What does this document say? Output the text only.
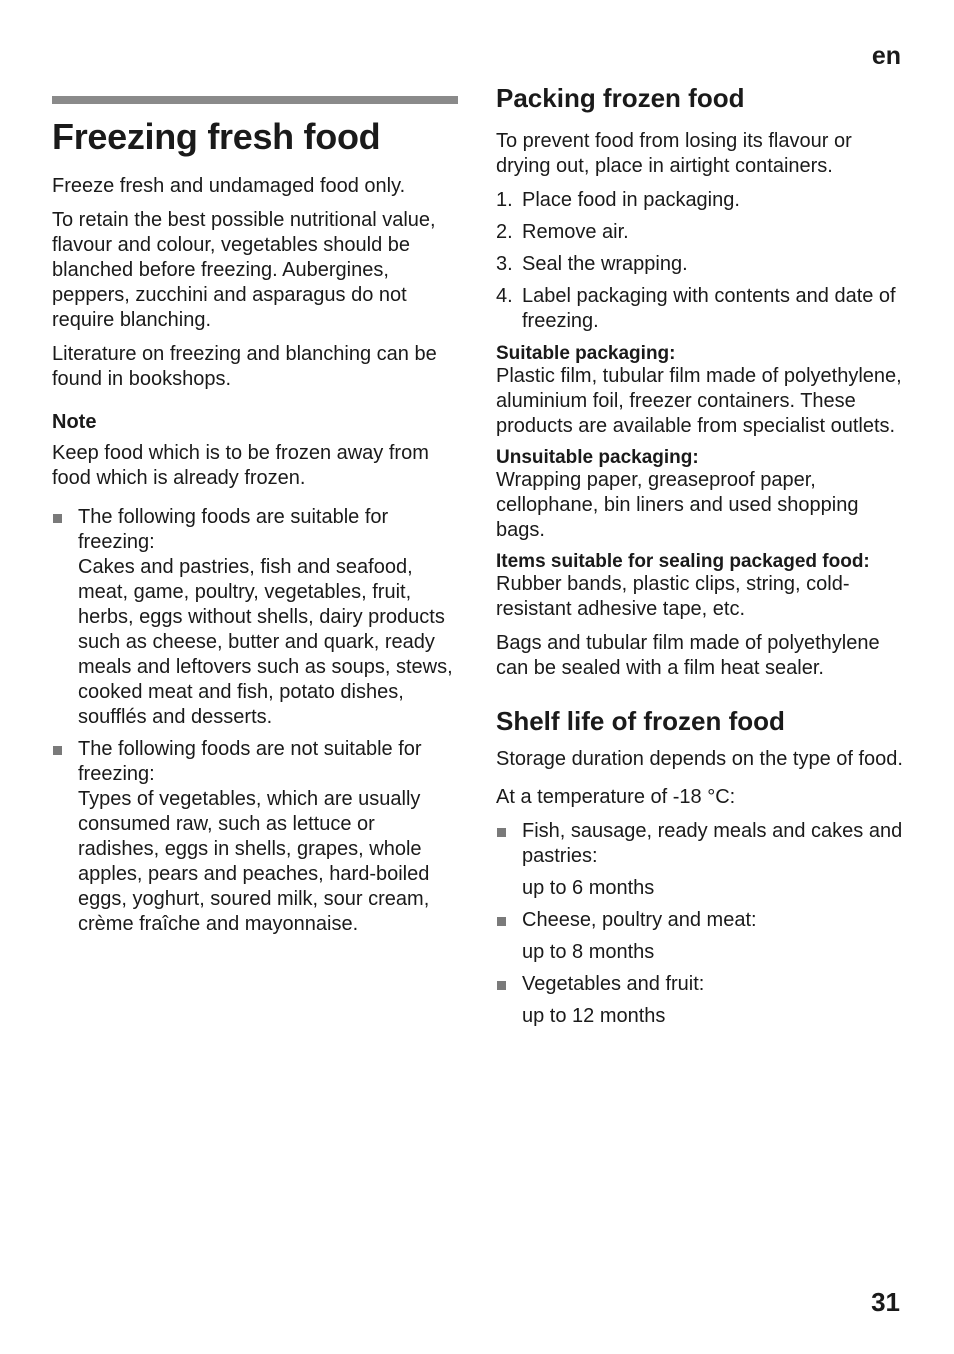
en
Freezing fresh food

Freeze fresh and undamaged food only.

To retain the best possible nutritional value, flavour and colour, vegetables should be blanched before freezing. Aubergines, peppers, zucchini and asparagus do not require blanching.

Literature on freezing and blanching can be found in bookshops.

Note

Keep food which is to be frozen away from food which is already frozen.

The following foods are suitable for freezing:
Cakes and pastries, fish and seafood, meat, game, poultry, vegetables, fruit, herbs, eggs without shells, dairy products such as cheese, butter and quark, ready meals and leftovers such as soups, stews, cooked meat and fish, potato dishes, soufflés and desserts.
The following foods are not suitable for freezing:
Types of vegetables, which are usually consumed raw, such as lettuce or radishes, eggs in shells, grapes, whole apples, pears and peaches, hard-boiled eggs, yoghurt, soured milk, sour cream, crème fraîche and mayonnaise.
Packing frozen food

To prevent food from losing its flavour or drying out, place in airtight containers.

1. Place food in packaging.
2. Remove air.
3. Seal the wrapping.
4. Label packaging with contents and date of freezing.
Suitable packaging:
Plastic film, tubular film made of polyethylene, aluminium foil, freezer containers. These products are available from specialist outlets.
Unsuitable packaging:
Wrapping paper, greaseproof paper, cellophane, bin liners and used shopping bags.
Items suitable for sealing packaged food:
Rubber bands, plastic clips, string, cold-resistant adhesive tape, etc.

Bags and tubular film made of polyethylene can be sealed with a film heat sealer.

Shelf life of frozen food

Storage duration depends on the type of food.

At a temperature of -18 °C:

Fish, sausage, ready meals and cakes and pastries:
up to 6 months
Cheese, poultry and meat:
up to 8 months
Vegetables and fruit:
up to 12 months
31
